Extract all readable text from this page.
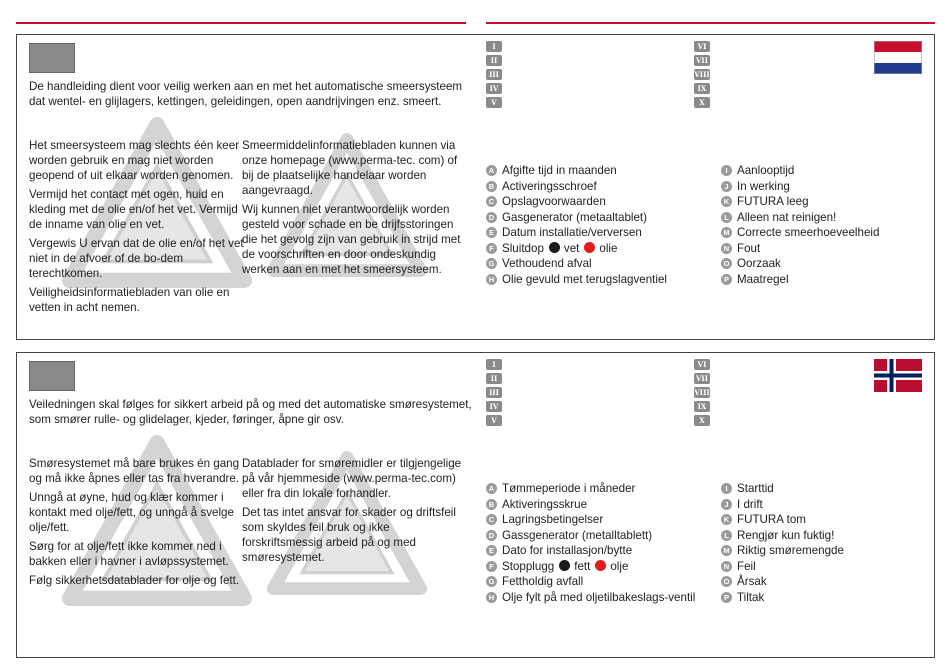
De handleiding dient voor veilig werken aan en met het automatische smeersysteem dat wentel- en glijlagers, kettingen, geleidingen, open aandrijvingen enz. smeert.

Het smeersysteem mag slechts één keer worden gebruik en mag niet worden geopend of uit elkaar worden genomen.

Vermijd het contact met ogen, huid en kleding met de olie en/of het vet. Vermijd de inname van olie en vet.

Vergewis U ervan dat de olie en/of het vet niet in de afvoer of de bo-dem terechtkomen.

Veiligheidsinformatiebladen van olie en vetten in acht nemen.

Smeermiddelinformatiebladen kunnen via onze homepage (www.perma-tec. com) of bij de plaatselijke handelaar worden aangevraagd.

Wij kunnen niet verantwoordelijk worden gesteld voor schade en be drijfsstoringen die het gevolg zijn van gebruik in strijd met de voorschriften en door ondeskundig werken aan en met het smeersysteem.

I
II
III
IV
V
VI
VII
VIII
IX
X
A Afgifte tijd in maanden
B Activeringsschroef
C Opslagvoorwaarden
D Gasgenerator (metaaltablet)
E Datum installatie/verversen
F Sluitdop vet olie
G Vethoudend afval
H Olie gevuld met terugslagventiel
I Aanlooptijd
J In werking
K FUTURA leeg
L Alleen nat reinigen!
M Correcte smeerhoeveelheid
N Fout
O Oorzaak
P Maatregel
Veiledningen skal følges for sikkert arbeid på og med det automatiske smøresystemet, som smører rulle- og glidelager, kjeder, føringer, åpne gir osv.

Smøresystemet må bare brukes én gang og må ikke åpnes eller tas fra hverandre.

Unngå at øyne, hud og klær kommer i kontakt med olje/fett, og unngå å svelge olje/fett.

Sørg for at olje/fett ikke kommer ned i bakken eller i havner i avløpssystemet.

Følg sikkerhetsdatablader for olje og fett.

Datablader for smøremidler er tilgjengelige på vår hjemmeside (www.perma-tec.com) eller fra din lokale forhandler.

Det tas intet ansvar for skader og driftsfeil som skyldes feil bruk og ikke forskriftsmessig arbeid på og med smøresystemet.

I
II
III
IV
V
VI
VII
VIII
IX
X
A Tømmeperiode i måneder
B Aktiveringsskrue
C Lagringsbetingelser
D Gassgenerator (metalltablett)
E Dato for installasjon/bytte
F Stopplugg fett olje
G Fettholdig avfall
H Olje fylt på med oljetilbakeslags-ventil
I Starttid
J I drift
K FUTURA tom
L Rengjør kun fuktig!
M Riktig smøremengde
N Feil
O Årsak
P Tiltak
